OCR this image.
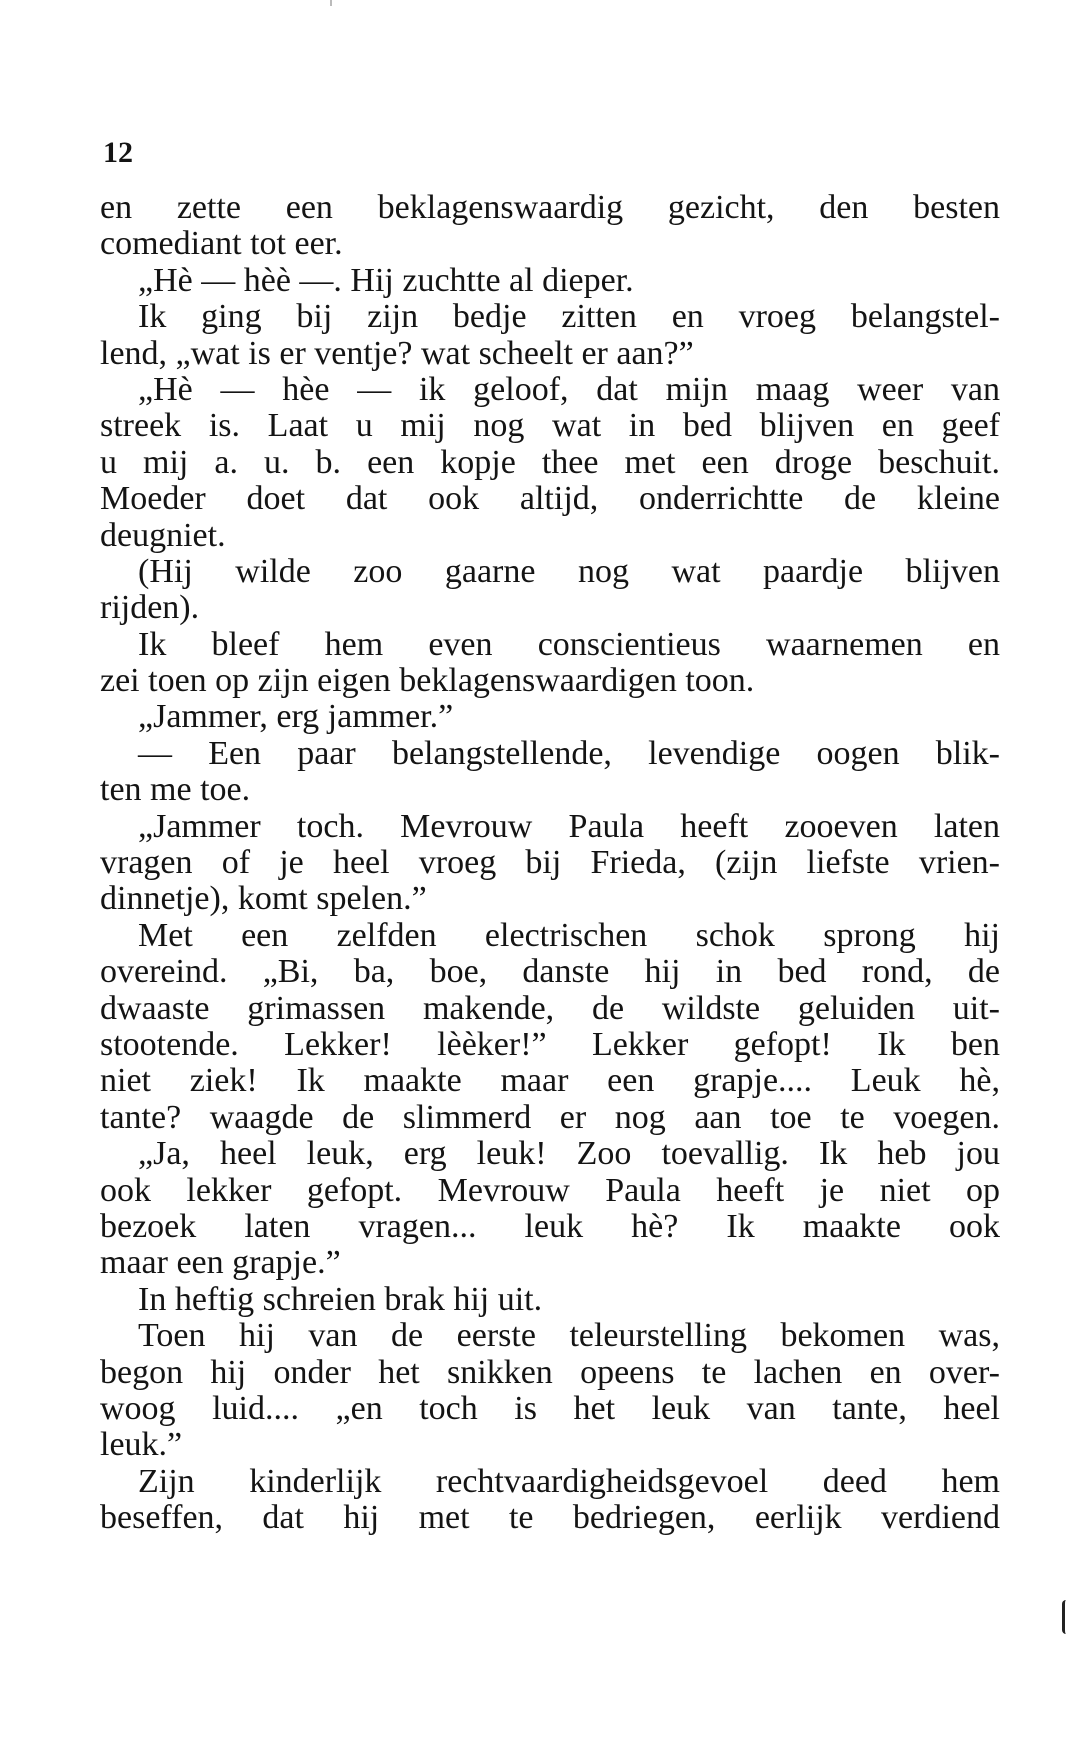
12
en zette een beklagenswaardig gezicht, den besten
comediant tot eer.
„Hè — hèè —. Hij zuchtte al dieper.
Ik ging bij zijn bedje zitten en vroeg belangstel-
lend, „wat is er ventje? wat scheelt er aan?”
„Hè — hèe — ik geloof, dat mijn maag weer van
streek is. Laat u mij nog wat in bed blijven en geef
u mij a. u. b. een kopje thee met een droge beschuit.
Moeder doet dat ook altijd, onderrichtte de kleine
deugniet.
(Hij wilde zoo gaarne nog wat paardje blijven
rijden).
Ik bleef hem even conscientieus waarnemen en
zei toen op zijn eigen beklagenswaardigen toon.
„Jammer, erg jammer.”
— Een paar belangstellende, levendige oogen blik-
ten me toe.
„Jammer toch. Mevrouw Paula heeft zooeven laten
vragen of je heel vroeg bij Frieda, (zijn liefste vrien-
dinnetje), komt spelen.”
Met een zelfden electrischen schok sprong hij
overeind. „Bi, ba, boe, danste hij in bed rond, de
dwaaste grimassen makende, de wildste geluiden uit-
stootende. Lekker! lèèker!” Lekker gefopt! Ik ben
niet ziek! Ik maakte maar een grapje.... Leuk hè,
tante? waagde de slimmerd er nog aan toe te voegen.
„Ja, heel leuk, erg leuk! Zoo toevallig. Ik heb jou
ook lekker gefopt. Mevrouw Paula heeft je niet op
bezoek laten vragen... leuk hè? Ik maakte ook
maar een grapje.”
In heftig schreien brak hij uit.
Toen hij van de eerste teleurstelling bekomen was,
begon hij onder het snikken opeens te lachen en over-
woog luid.... „en toch is het leuk van tante, heel
leuk.”
Zijn kinderlijk rechtvaardigheidsgevoel deed hem
beseffen, dat hij met te bedriegen, eerlijk verdiend
